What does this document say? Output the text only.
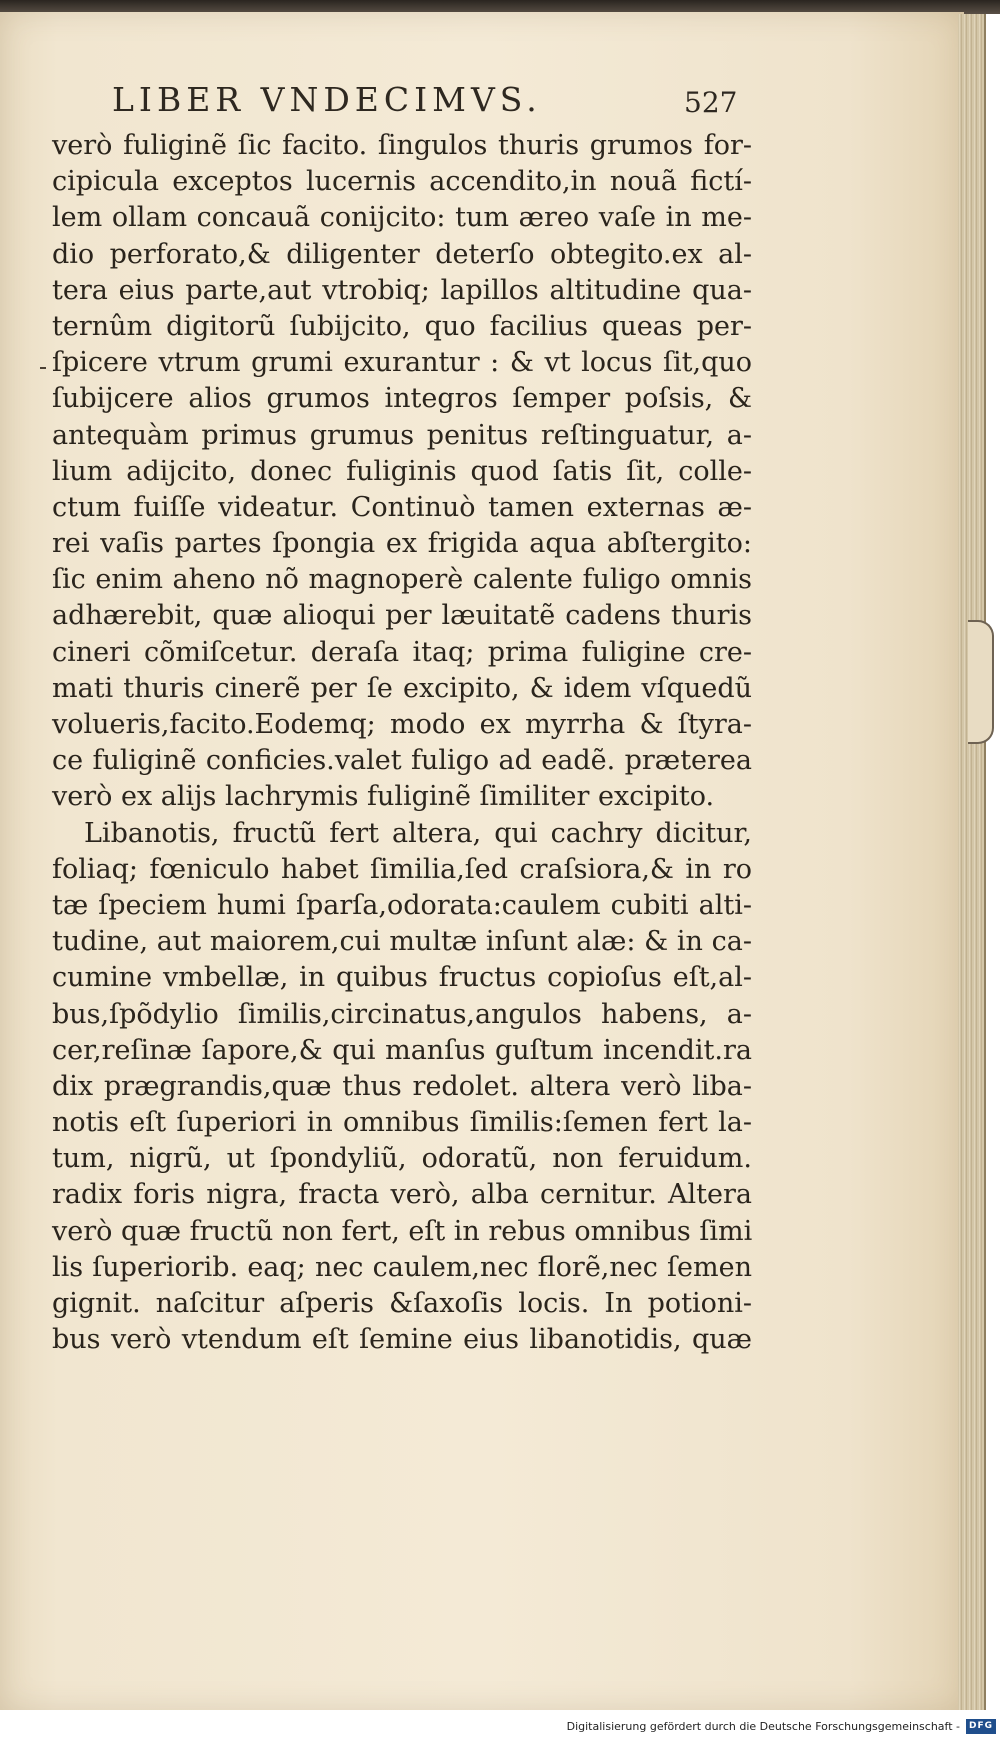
LIBER VNDECIMVS.	527
verò fuliginẽ ſic facito. ſingulos thuris grumos for-
cipicula exceptos lucernis accendito,in nouã fictí-
lem ollam concauã conijcito: tum æreo vaſe in me-
dio perforato,& diligenter deterſo obtegito.ex al-
tera eius parte,aut vtrobiq; lapillos altitudine qua-
ternûm digitorũ ſubijcito, quo facilius queas per-
ſpicere vtrum grumi exurantur : & vt locus ſit,quo
ſubijcere alios grumos integros ſemper poſsis, &
antequàm primus grumus penitus reſtinguatur, a-
lium adijcito, donec fuliginis quod ſatis ſit, colle-
ctum fuiſſe videatur. Continuò tamen externas æ-
rei vaſis partes ſpongia ex frigida aqua abſtergito:
ſic enim aheno nõ magnoperè calente fuligo omnis
adhærebit, quæ alioqui per læuitatẽ cadens thuris
cineri cõmiſcetur. deraſa itaq; prima fuligine cre-
mati thuris cinerẽ per ſe excipito, & idem vſquedũ
volueris,facito.Eodemq; modo ex myrrha & ſtyra-
ce fuliginẽ conficies.valet fuligo ad eadẽ. præterea
verò ex alijs lachrymis fuliginẽ ſimiliter excipito.
Libanotis, fructũ fert altera, qui cachry dicitur,
foliaq; fœniculo habet ſimilia,ſed craſsiora,& in ro
tæ ſpeciem humi ſparſa,odorata:caulem cubiti alti-
tudine, aut maiorem,cui multæ inſunt alæ: & in ca-
cumine vmbellæ, in quibus fructus copioſus eſt,al-
bus,ſpõdylio ſimilis,circinatus,angulos habens, a-
cer,reſinæ ſapore,& qui manſus guſtum incendit.ra
dix prægrandis,quæ thus redolet. altera verò liba-
notis eſt ſuperiori in omnibus ſimilis:ſemen fert la-
tum, nigrũ, ut ſpondyliũ, odoratũ, non feruidum.
radix foris nigra, fracta verò, alba cernitur. Altera
verò quæ fructũ non fert, eſt in rebus omnibus ſimi
lis ſuperiorib. eaq; nec caulem,nec florẽ,nec ſemen
gignit. naſcitur aſperis &ſaxoſis locis. In potioni-
bus verò vtendum eſt ſemine eius libanotidis, quæ
Digitalisierung gefördert durch die Deutsche Forschungsgemeinschaft - DFG
